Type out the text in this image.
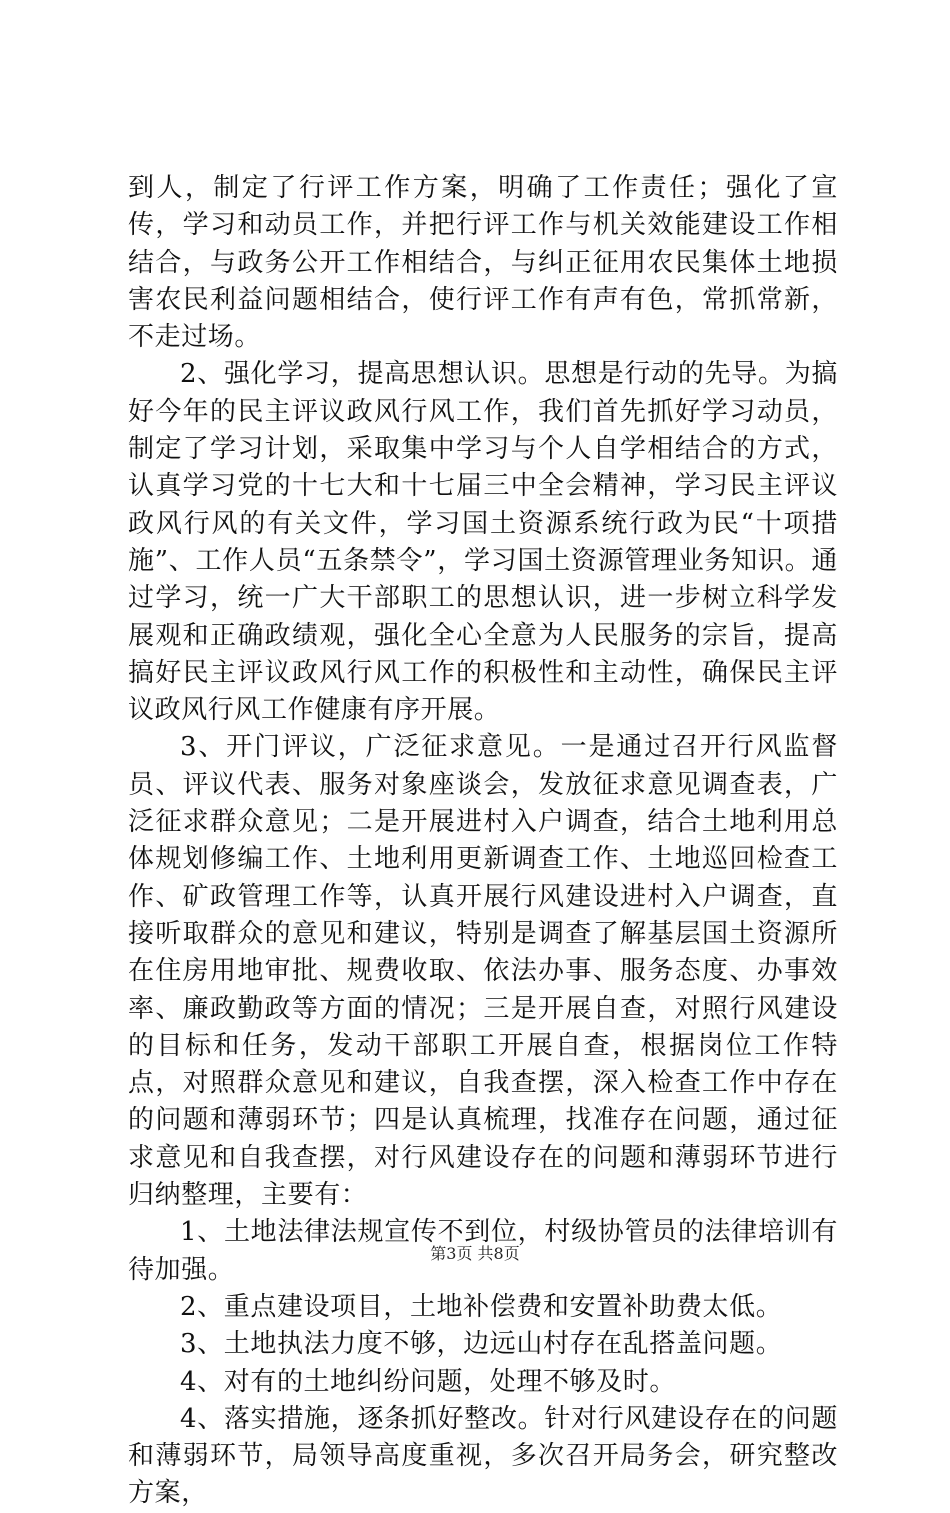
到人，制定了行评工作方案，明确了工作责任；强化了宣传，学习和动员工作，并把行评工作与机关效能建设工作相结合，与政务公开工作相结合，与纠正征用农民集体土地损害农民利益问题相结合，使行评工作有声有色，常抓常新，不走过场。

2、强化学习，提高思想认识。思想是行动的先导。为搞好今年的民主评议政风行风工作，我们首先抓好学习动员，制定了学习计划，采取集中学习与个人自学相结合的方式，认真学习党的十七大和十七届三中全会精神，学习民主评议政风行风的有关文件，学习国土资源系统行政为民“十项措施”、工作人员“五条禁令”，学习国土资源管理业务知识。通过学习，统一广大干部职工的思想认识，进一步树立科学发展观和正确政绩观，强化全心全意为人民服务的宗旨，提高搞好民主评议政风行风工作的积极性和主动性，确保民主评议政风行风工作健康有序开展。

3、开门评议，广泛征求意见。一是通过召开行风监督员、评议代表、服务对象座谈会，发放征求意见调查表，广泛征求群众意见；二是开展进村入户调查，结合土地利用总体规划修编工作、土地利用更新调查工作、土地巡回检查工作、矿政管理工作等，认真开展行风建设进村入户调查，直接听取群众的意见和建议，特别是调查了解基层国土资源所在住房用地审批、规费收取、依法办事、服务态度、办事效率、廉政勤政等方面的情况；三是开展自查，对照行风建设的目标和任务，发动干部职工开展自查，根据岗位工作特点，对照群众意见和建议，自我查摆，深入检查工作中存在的问题和薄弱环节；四是认真梳理，找准存在问题，通过征求意见和自我查摆，对行风建设存在的问题和薄弱环节进行归纳整理，主要有：

1、土地法律法规宣传不到位，村级协管员的法律培训有待加强。

2、重点建设项目，土地补偿费和安置补助费太低。

3、土地执法力度不够，边远山村存在乱搭盖问题。

4、对有的土地纠纷问题，处理不够及时。

4、落实措施，逐条抓好整改。针对行风建设存在的问题和薄弱环节，局领导高度重视，多次召开局务会，研究整改方案，

第3页 共8页
